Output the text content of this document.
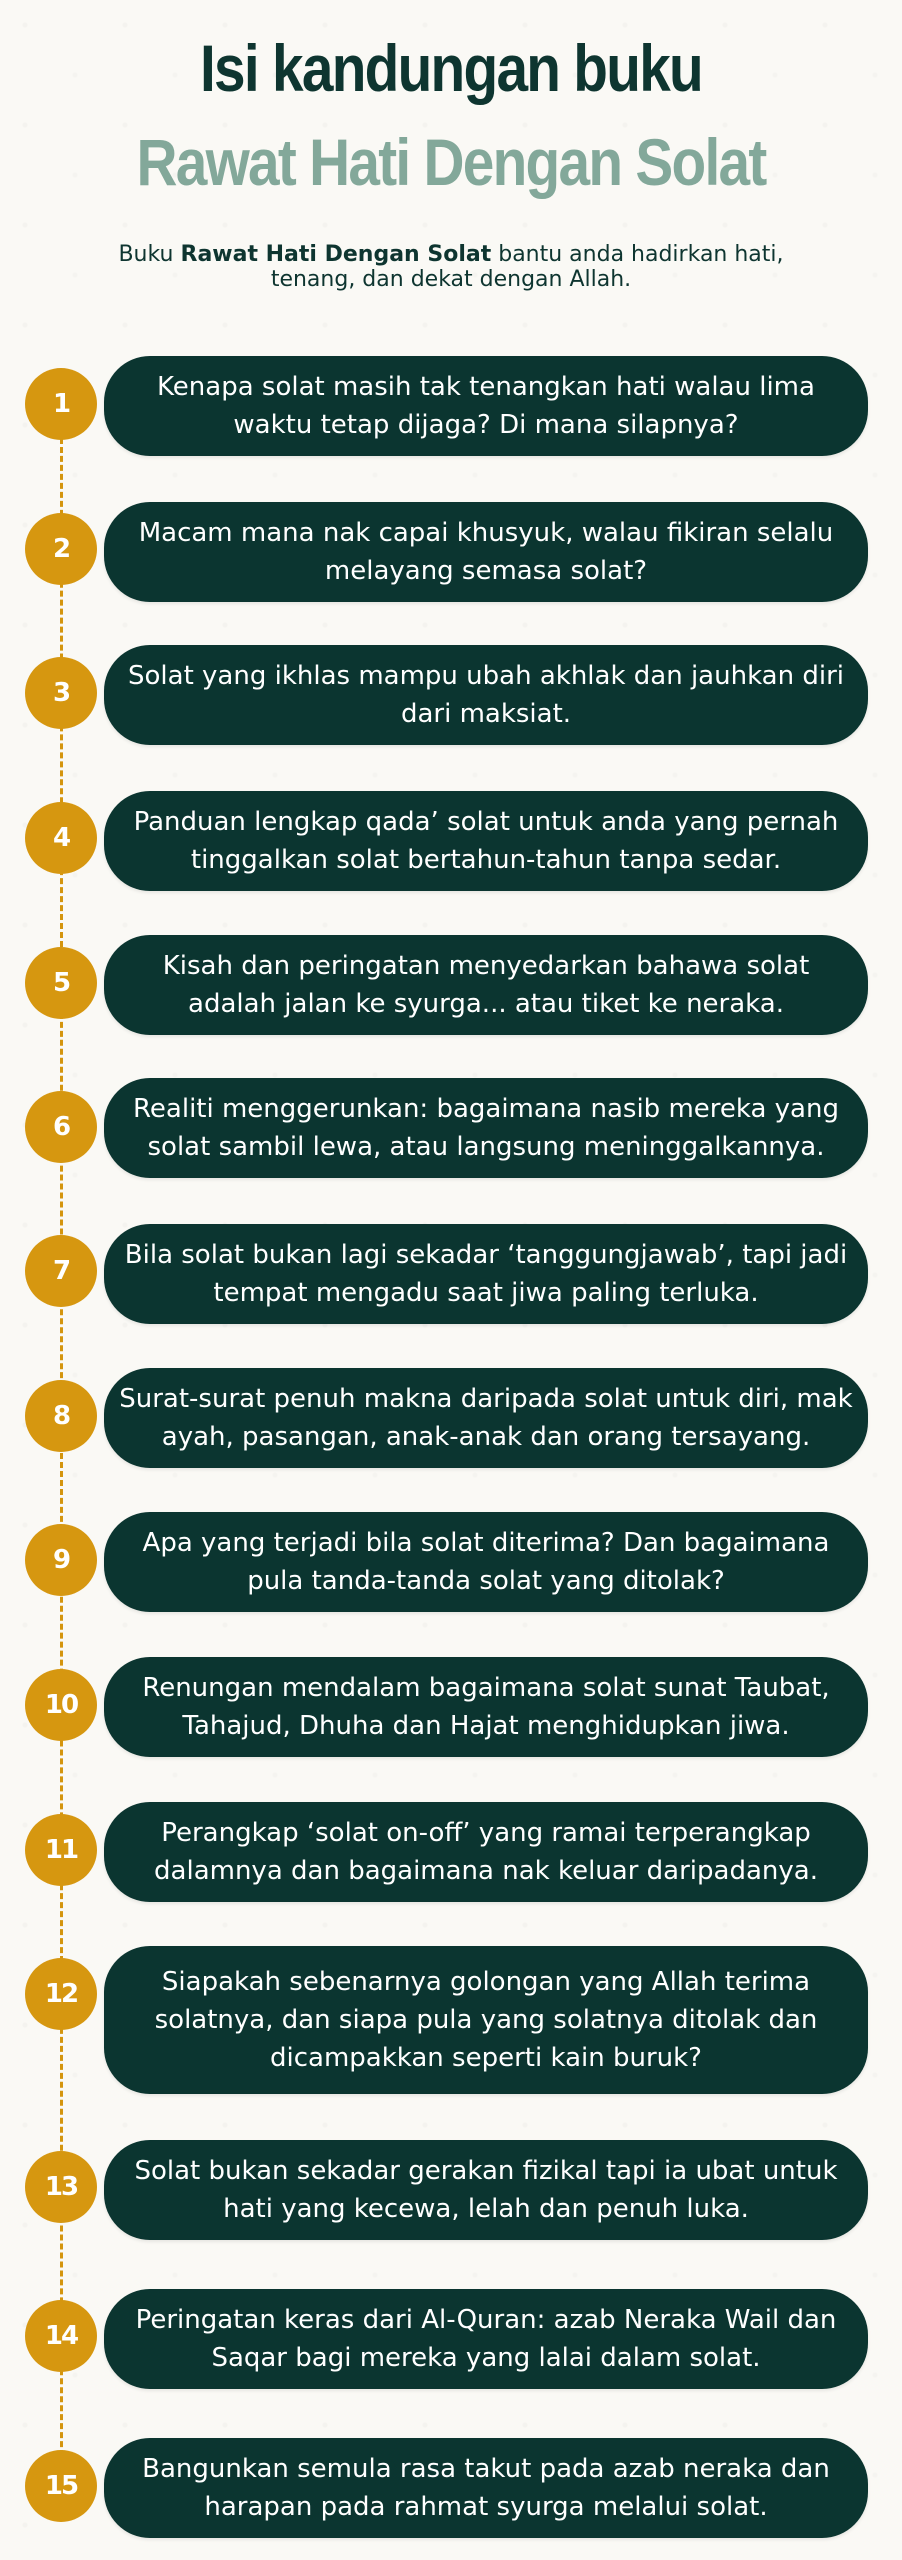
Isi kandungan buku
Rawat Hati Dengan Solat
Buku Rawat Hati Dengan Solat bantu anda hadirkan hati, tenang, dan dekat dengan Allah.
1
Kenapa solat masih tak tenangkan hati walau lima waktu tetap dijaga? Di mana silapnya?
2
Macam mana nak capai khusyuk, walau fikiran selalu melayang semasa solat?
3
Solat yang ikhlas mampu ubah akhlak dan jauhkan diri dari maksiat.
4
Panduan lengkap qada’ solat untuk anda yang pernah tinggalkan solat bertahun-tahun tanpa sedar.
5
Kisah dan peringatan menyedarkan bahawa solat adalah jalan ke syurga... atau tiket ke neraka.
6
Realiti menggerunkan: bagaimana nasib mereka yang solat sambil lewa, atau langsung meninggalkannya.
7
Bila solat bukan lagi sekadar ‘tanggungjawab’, tapi jadi tempat mengadu saat jiwa paling terluka.
8
Surat-surat penuh makna daripada solat untuk diri, mak ayah, pasangan, anak-anak dan orang tersayang.
9
Apa yang terjadi bila solat diterima? Dan bagaimana pula tanda-tanda solat yang ditolak?
10
Renungan mendalam bagaimana solat sunat Taubat, Tahajud, Dhuha dan Hajat menghidupkan jiwa.
11
Perangkap ‘solat on-off’ yang ramai terperangkap dalamnya dan bagaimana nak keluar daripadanya.
12	Siapakah sebenarnya golongan yang Allah terima solatnya, dan siapa pula yang solatnya ditolak dan dicampakkan seperti kain buruk?
13
Solat bukan sekadar gerakan fizikal tapi ia ubat untuk hati yang kecewa, lelah dan penuh luka.
14
Peringatan keras dari Al-Quran: azab Neraka Wail dan Saqar bagi mereka yang lalai dalam solat.
15
Bangunkan semula rasa takut pada azab neraka dan harapan pada rahmat syurga melalui solat.
